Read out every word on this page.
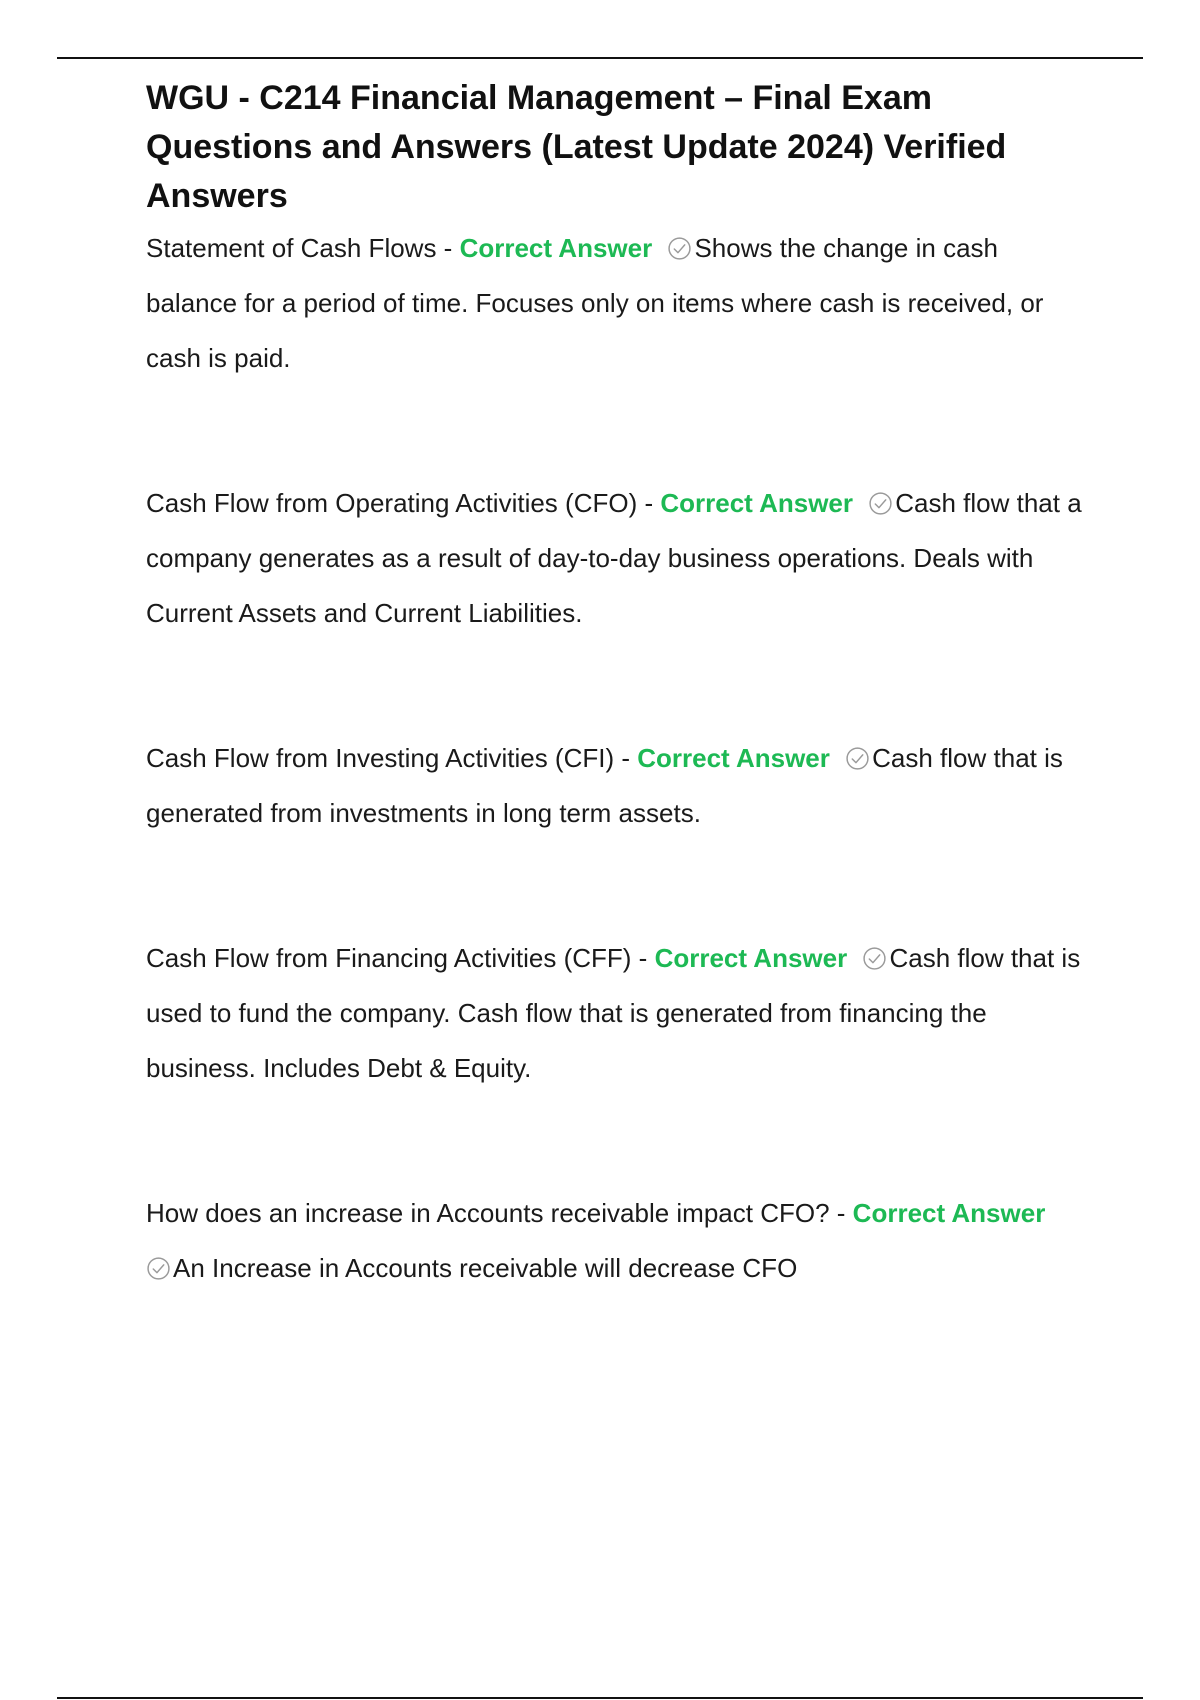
WGU - C214 Financial Management – Final Exam Questions and Answers (Latest Update 2024) Verified Answers

Statement of Cash Flows - Correct Answer Shows the change in cash balance for a period of time. Focuses only on items where cash is received, or cash is paid.

Cash Flow from Operating Activities (CFO) - Correct Answer Cash flow that a company generates as a result of day-to-day business operations. Deals with Current Assets and Current Liabilities.

Cash Flow from Investing Activities (CFI) - Correct Answer Cash flow that is generated from investments in long term assets.

Cash Flow from Financing Activities (CFF) - Correct Answer Cash flow that is used to fund the company. Cash flow that is generated from financing the business. Includes Debt & Equity.

How does an increase in Accounts receivable impact CFO? - Correct Answer
An Increase in Accounts receivable will decrease CFO
